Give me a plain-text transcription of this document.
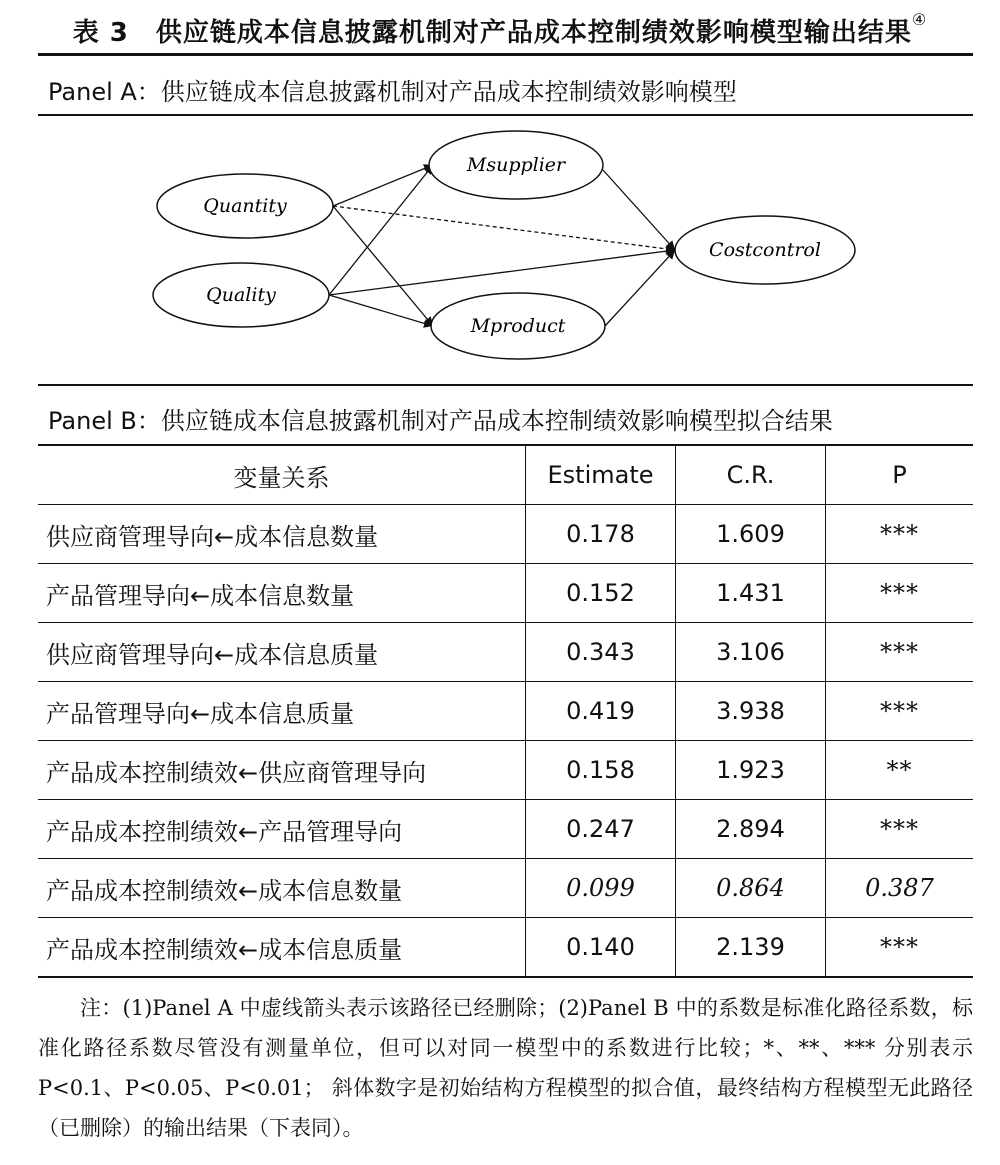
表 3　供应链成本信息披露机制对产品成本控制绩效影响模型输出结果④
Panel A：供应链成本信息披露机制对产品成本控制绩效影响模型
Quantity
Quality
Msupplier
Mproduct
Costcontrol
Panel B：供应链成本信息披露机制对产品成本控制绩效影响模型拟合结果
变量关系	Estimate	C.R.	P
供应商管理导向←成本信息数量	0.178	1.609	***
产品管理导向←成本信息数量	0.152	1.431	***
供应商管理导向←成本信息质量	0.343	3.106	***
产品管理导向←成本信息质量	0.419	3.938	***
产品成本控制绩效←供应商管理导向	0.158	1.923	**
产品成本控制绩效←产品管理导向	0.247	2.894	***
产品成本控制绩效←成本信息数量	0.099	0.864	0.387
产品成本控制绩效←成本信息质量	0.140	2.139	***
注：(1)Panel A 中虚线箭头表示该路径已经删除；(2)Panel B 中的系数是标准化路径系数，标准化路径系数尽管没有测量单位，但可以对同一模型中的系数进行比较；*、**、*** 分别表示 P<0.1、P<0.05、P<0.01； 斜体数字是初始结构方程模型的拟合值，最终结构方程模型无此路径（已删除）的输出结果（下表同）。
